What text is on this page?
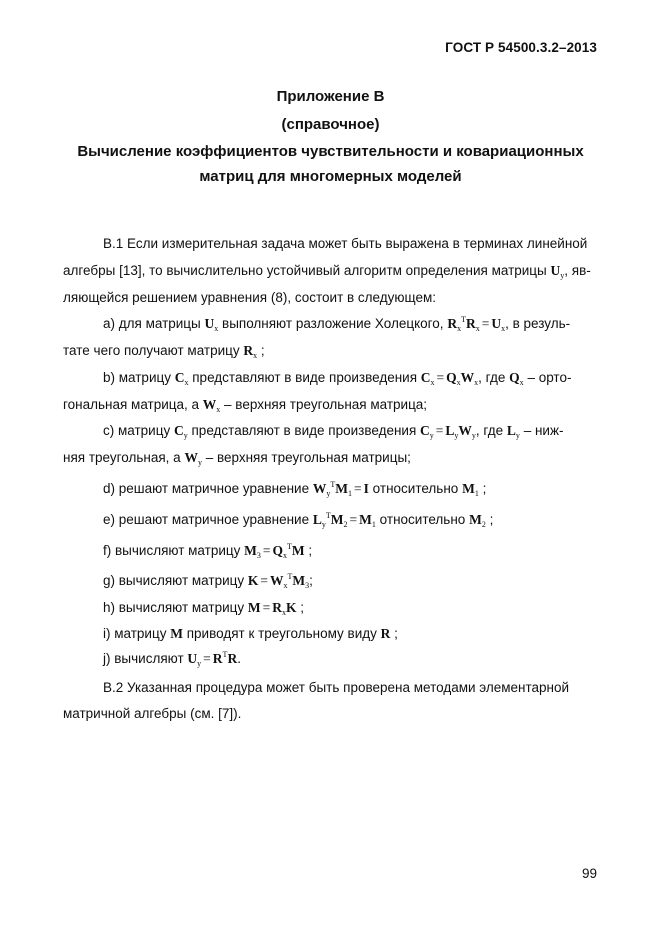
ГОСТ Р 54500.3.2–2013
Приложение В
(справочное)
Вычисление коэффициентов чувствительности и ковариационных
матриц для многомерных моделей
В.1 Если измерительная задача может быть выражена в терминах линейной
алгебры [13], то вычислительно устойчивый алгоритм определения матрицы $U_y$, яв-
ляющейся решением уравнения (8), состоит в следующем:
а) для матрицы $U_x$ выполняют разложение Холецкого, $R_x^TR_x = U_x$, в резуль-
тате чего получают матрицу $R_x$ ;
b) матрицу $C_x$ представляют в виде произведения $C_x = Q_xW_x$, где $Q_x$ – орто-
гональная матрица, а $W_x$ – верхняя треугольная матрица;
c) матрицу $C_y$ представляют в виде произведения $C_y = L_yW_y$, где $L_y - ниж-$
няя треугольная, а $W_y$ – верхняя треугольная матрицы;
d) решают матричное уравнение $W_y^TM_1 = I$ относительно $M_1$ ;
e) решают матричное уравнение $L_y^TM_2 = M_1$ относительно $M_2$ ;
f) вычисляют матрицу $M_3 = Q_x^TM$ ;
g) вычисляют матрицу $K = W_x^TM_3$;
h) вычисляют матрицу $M = R_xK$ ;
i) матрицу M приводят к треугольному виду R ;
j) вычисляют $U_y = R^TR$.
В.2 Указанная процедура может быть проверена методами элементарной
матричной алгебры (см. [7]).
99
